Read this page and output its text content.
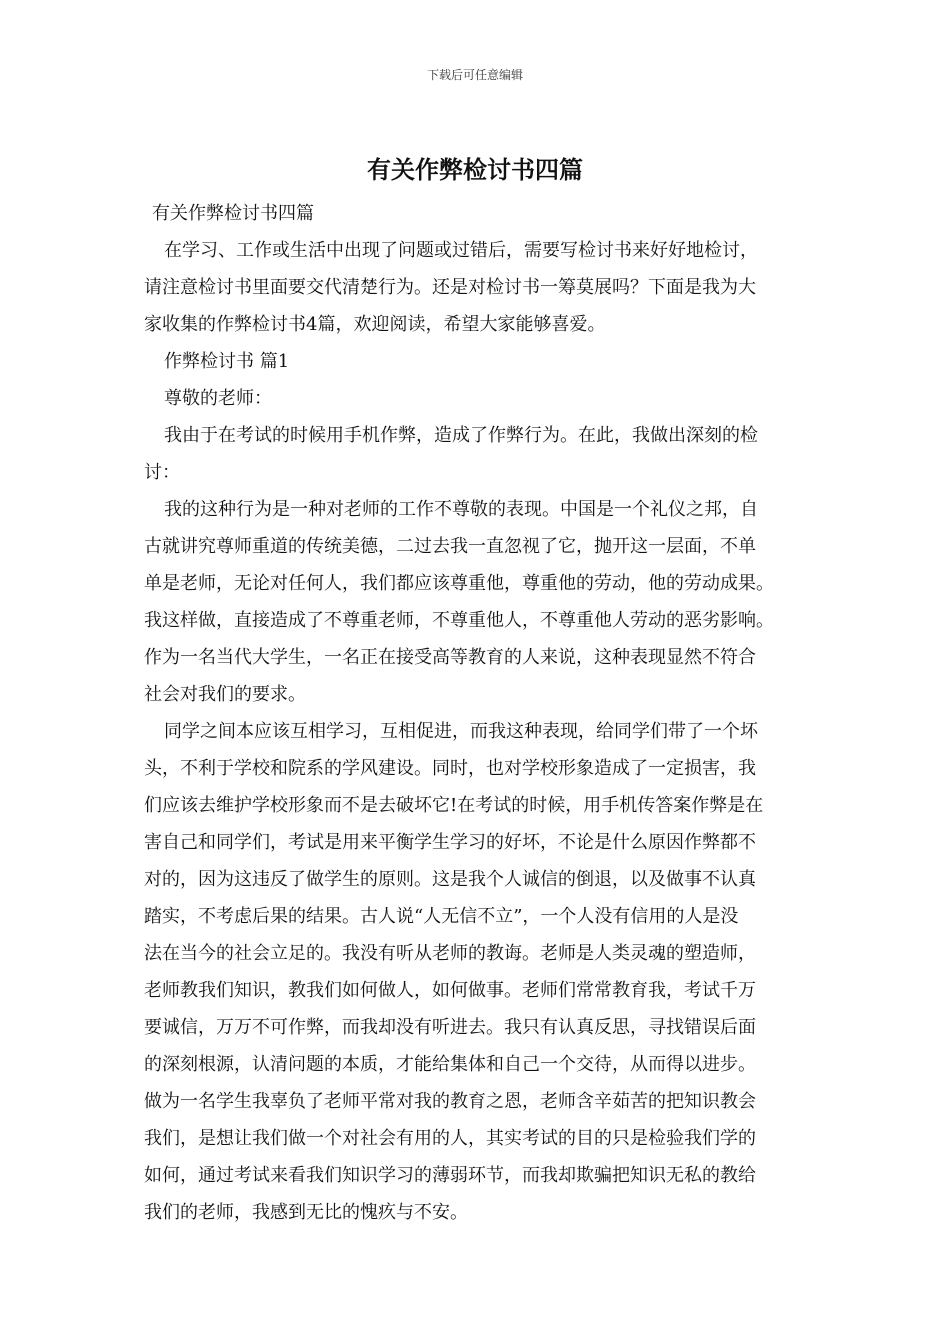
下载后可任意编辑
有关作弊检讨书四篇
有关作弊检讨书四篇
在学习、工作或生活中出现了问题或过错后，需要写检讨书来好好地检讨，
请注意检讨书里面要交代清楚行为。还是对检讨书一筹莫展吗？下面是我为大
家收集的作弊检讨书4篇，欢迎阅读，希望大家能够喜爱。
作弊检讨书 篇1
尊敬的老师：
我由于在考试的时候用手机作弊，造成了作弊行为。在此，我做出深刻的检
讨：
我的这种行为是一种对老师的工作不尊敬的表现。中国是一个礼仪之邦，自
古就讲究尊师重道的传统美德，二过去我一直忽视了它，抛开这一层面，不单
单是老师，无论对任何人，我们都应该尊重他，尊重他的劳动，他的劳动成果。
我这样做，直接造成了不尊重老师，不尊重他人，不尊重他人劳动的恶劣影响。
作为一名当代大学生，一名正在接受高等教育的人来说，这种表现显然不符合
社会对我们的要求。
同学之间本应该互相学习，互相促进，而我这种表现，给同学们带了一个坏
头，不利于学校和院系的学风建设。同时，也对学校形象造成了一定损害，我
们应该去维护学校形象而不是去破坏它!在考试的时候，用手机传答案作弊是在
害自己和同学们，考试是用来平衡学生学习的好坏，不论是什么原因作弊都不
对的，因为这违反了做学生的原则。这是我个人诚信的倒退，以及做事不认真
踏实，不考虑后果的结果。古人说“人无信不立”，一个人没有信用的人是没
法在当今的社会立足的。我没有听从老师的教诲。老师是人类灵魂的塑造师，
老师教我们知识，教我们如何做人，如何做事。老师们常常教育我，考试千万
要诚信，万万不可作弊，而我却没有听进去。我只有认真反思，寻找错误后面
的深刻根源，认清问题的本质，才能给集体和自己一个交待，从而得以进步。
做为一名学生我辜负了老师平常对我的教育之恩，老师含辛茹苦的把知识教会
我们，是想让我们做一个对社会有用的人，其实考试的目的只是检验我们学的
如何，通过考试来看我们知识学习的薄弱环节，而我却欺骗把知识无私的教给
我们的老师，我感到无比的愧疚与不安。
